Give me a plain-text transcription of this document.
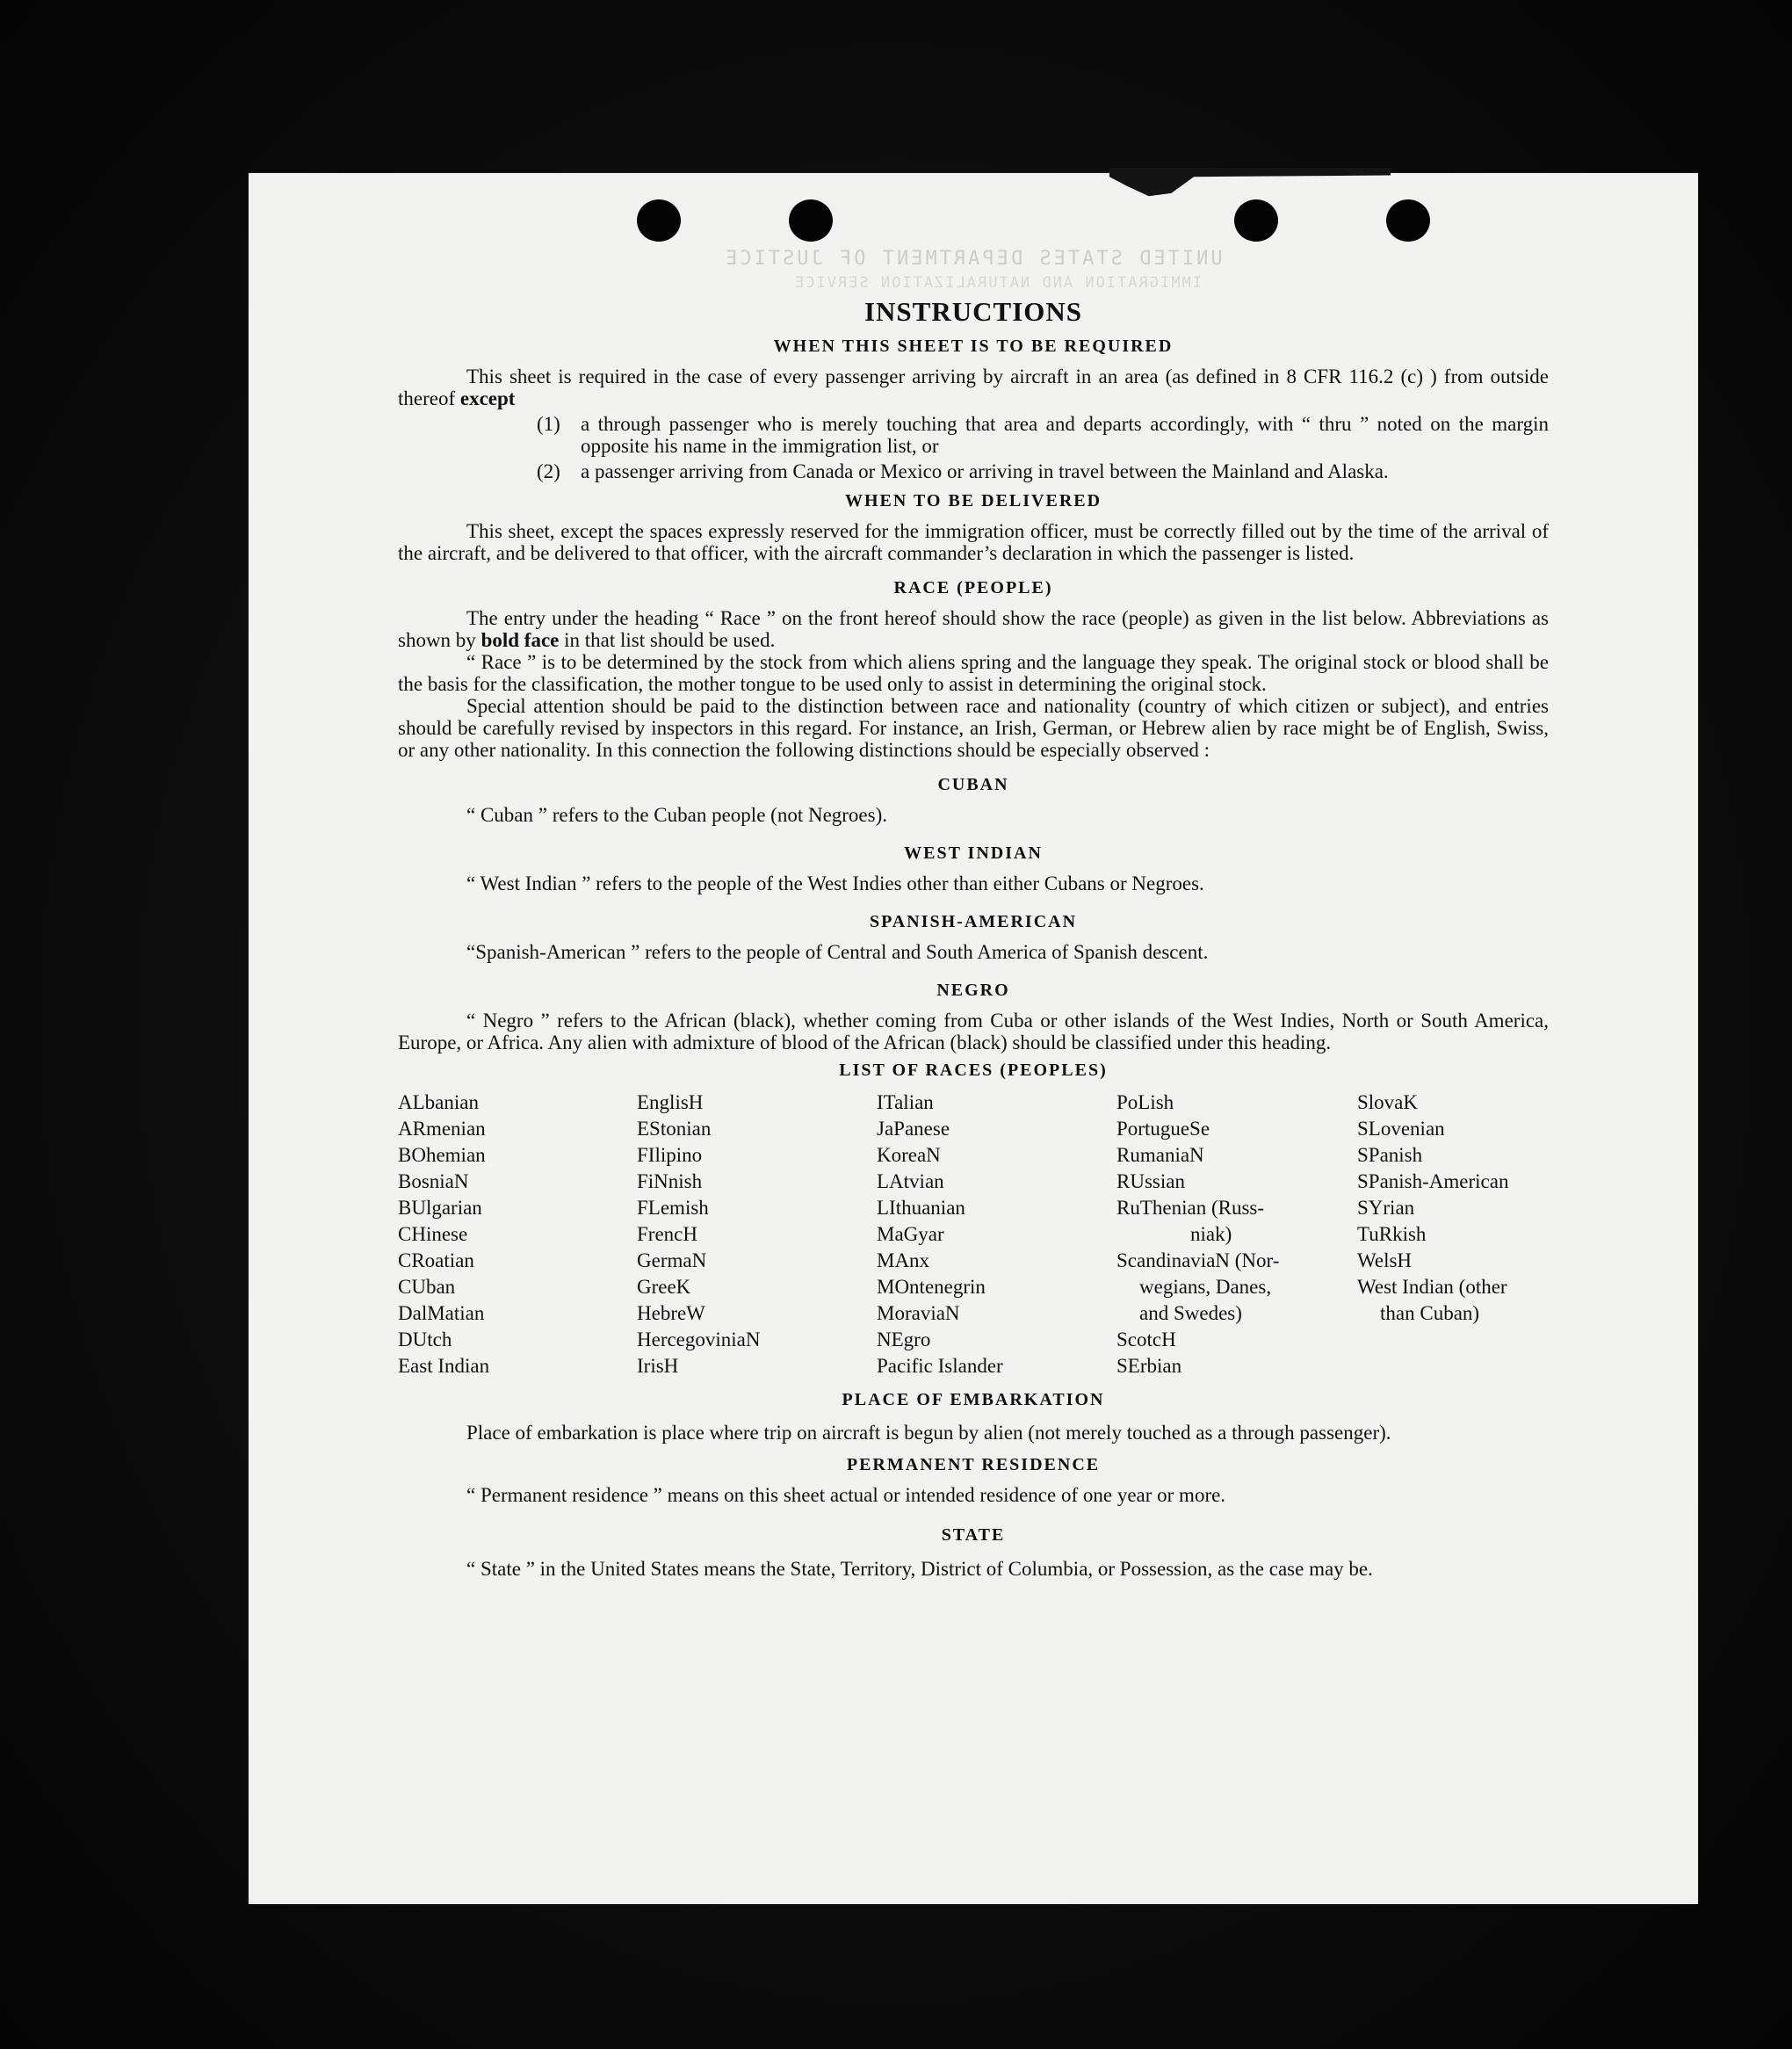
UNITED STATES DEPARTMENT OF JUSTICE
IMMIGRATION AND NATURALIZATION SERVICE
INSTRUCTIONS
WHEN THIS SHEET IS TO BE REQUIRED

This sheet is required in the case of every passenger arriving by aircraft in an area (as defined in 8 CFR 116.2 (c) ) from outside thereof except

(1)	a through passenger who is merely touching that area and departs accordingly, with “ thru ” noted on the margin opposite his name in the immigration list, or
(2)	a passenger arriving from Canada or Mexico or arriving in travel between the Mainland and Alaska.
WHEN TO BE DELIVERED

This sheet, except the spaces expressly reserved for the immigration officer, must be correctly filled out by the time of the arrival of the aircraft, and be delivered to that officer, with the aircraft commander’s declaration in which the passenger is listed.

RACE (PEOPLE)

The entry under the heading “ Race ” on the front hereof should show the race (people) as given in the list below. Abbreviations as shown by bold face in that list should be used.

“ Race ” is to be determined by the stock from which aliens spring and the language they speak. The original stock or blood shall be the basis for the classification, the mother tongue to be used only to assist in determining the original stock.

Special attention should be paid to the distinction between race and nationality (country of which citizen or subject), and entries should be carefully revised by inspectors in this regard. For instance, an Irish, German, or Hebrew alien by race might be of English, Swiss, or any other nationality. In this connection the following distinctions should be especially observed :

CUBAN

“ Cuban ” refers to the Cuban people (not Negroes).

WEST INDIAN

“ West Indian ” refers to the people of the West Indies other than either Cubans or Negroes.

SPANISH-AMERICAN

“Spanish-American ” refers to the people of Central and South America of Spanish descent.

NEGRO

“ Negro ” refers to the African (black), whether coming from Cuba or other islands of the West Indies, North or South America, Europe, or Africa. Any alien with admixture of blood of the African (black) should be classified under this heading.

LIST OF RACES (PEOPLES)
ALbanian
ARmenian
BOhemian
BosniaN
BUlgarian
CHinese
CRoatian
CUban
DalMatian
DUtch
East Indian
EnglisH
EStonian
FIlipino
FiNnish
FLemish
FrencH
GermaN
GreeK
HebreW
HercegoviniaN
IrisH
ITalian
JaPanese
KoreaN
LAtvian
LIthuanian
MaGyar
MAnx
MOntenegrin
MoraviaN
NEgro
Pacific Islander
PoLish
PortugueSe
RumaniaN
RUssian
RuThenian (Russ-
niak)
ScandinaviaN (Nor-
wegians, Danes,
and Swedes)
ScotcH
SErbian
SlovaK
SLovenian
SPanish
SPanish-American
SYrian
TuRkish
WelsH
West Indian (other
than Cuban)
PLACE OF EMBARKATION

Place of embarkation is place where trip on aircraft is begun by alien (not merely touched as a through passenger).

PERMANENT RESIDENCE

“ Permanent residence ” means on this sheet actual or intended residence of one year or more.

STATE

“ State ” in the United States means the State, Territory, District of Columbia, or Possession, as the case may be.
